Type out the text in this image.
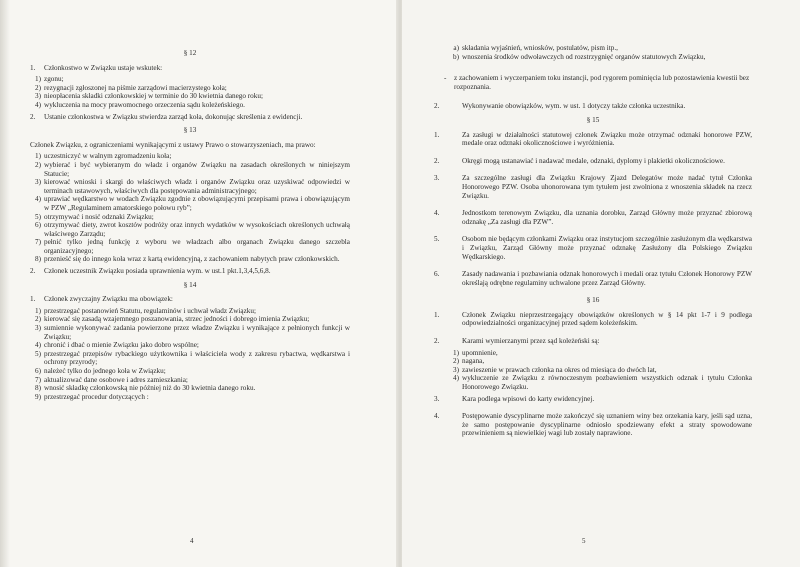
§ 12
1.	Członkostwo w Związku ustaje wskutek:
1) zgonu;
2) rezygnacji zgłoszonej na piśmie zarządowi macierzystego koła;
3) nieopłacenia składki członkowskiej w terminie do 30 kwietnia danego roku;
4) wykluczenia na mocy prawomocnego orzeczenia sądu koleżeńskiego.
2.	Ustanie członkostwa w Związku stwierdza zarząd koła, dokonując skreślenia z ewidencji.
§ 13
Członek Związku, z ograniczeniami wynikającymi z ustawy Prawo o stowarzyszeniach, ma prawo:
1) uczestniczyć w walnym zgromadzeniu koła;
2) wybierać i być wybieranym do władz i organów Związku na zasadach określonych w niniejszym Statucie;
3) kierować wnioski i skargi do właściwych władz i organów Związku oraz uzyskiwać odpowiedzi w terminach ustawowych, właściwych dla postępowania administracyjnego;
4) uprawiać wędkarstwo w wodach Związku zgodnie z obowiązującymi przepisami prawa i obowiązującym w PZW „Regulaminem amatorskiego połowu ryb”;
5) otrzymywać i nosić odznaki Związku;
6) otrzymywać diety, zwrot kosztów podróży oraz innych wydatków w wysokościach określonych uchwałą właściwego Zarządu;
7) pełnić tylko jedną funkcję z wyboru we władzach albo organach Związku danego szczebla organizacyjnego;
8) przenieść się do innego koła wraz z kartą ewidencyjną, z zachowaniem nabytych praw członkowskich.
2.	Członek uczestnik Związku posiada uprawnienia wym. w ust.1 pkt.1,3,4,5,6,8.
§ 14
1.	Członek zwyczajny Związku ma obowiązek:
1) przestrzegać postanowień Statutu, regulaminów i uchwał władz Związku;
2) kierować się zasadą wzajemnego poszanowania, strzec jedności i dobrego imienia Związku;
3) sumiennie wykonywać zadania powierzone przez władze Związku i wynikające z pełnionych funkcji w Związku;
4) chronić i dbać o mienie Związku jako dobro wspólne;
5) przestrzegać przepisów rybackiego użytkownika i właściciela wody z zakresu rybactwa, wędkarstwa i ochrony przyrody;
6) należeć tylko do jednego koła w Związku;
7) aktualizować dane osobowe i adres zamieszkania;
8) wnosić składkę członkowską nie później niż do 30 kwietnia danego roku.
9) przestrzegać procedur dotyczących :
4
a) składania wyjaśnień, wniosków, postulatów, pism itp.,
b) wnoszenia środków odwoławczych od rozstrzygnięć organów statutowych Związku,
-	z zachowaniem i wyczerpaniem toku instancji, pod rygorem pominięcia lub pozostawienia kwestii bez rozpoznania.
2.	Wykonywanie obowiązków, wym. w ust. 1 dotyczy także członka uczestnika.
§ 15
1.	Za zasługi w działalności statutowej członek Związku może otrzymać odznaki honorowe PZW, medale oraz odznaki okolicznościowe i wyróżnienia.
2.	Okręgi mogą ustanawiać i nadawać medale, odznaki, dyplomy i plakietki okolicznościowe.
3.	Za szczególne zasługi dla Związku Krajowy Zjazd Delegatów może nadać tytuł Członka Honorowego PZW. Osoba uhonorowana tym tytułem jest zwolniona z wnoszenia składek na rzecz Związku.
4.	Jednostkom terenowym Związku, dla uznania dorobku, Zarząd Główny może przyznać zbiorową odznakę „Za zasługi dla PZW”.
5.	Osobom nie będącym członkami Związku oraz instytucjom szczególnie zasłużonym dla wędkarstwa i Związku, Zarząd Główny może przyznać odznakę Zasłużony dla Polskiego Związku Wędkarskiego.
6.	Zasady nadawania i pozbawiania odznak honorowych i medali oraz tytułu Członek Honorowy PZW określają odrębne regulaminy uchwalone przez Zarząd Główny.
§ 16
1.	Członek Związku nieprzestrzegający obowiązków określonych w § 14 pkt 1-7 i 9 podlega odpowiedzialności organizacyjnej przed sądem koleżeńskim.
2.	Karami wymierzanymi przez sąd koleżeński są:
1) upomnienie,
2) nagana,
3) zawieszenie w prawach członka na okres od miesiąca do dwóch lat,
4) wykluczenie ze Związku z równoczesnym pozbawieniem wszystkich odznak i tytułu Członka Honorowego Związku.
3.	Kara podlega wpisowi do karty ewidencyjnej.
4.	Postępowanie dyscyplinarne może zakończyć się uznaniem winy bez orzekania kary, jeśli sąd uzna, że samo postępowanie dyscyplinarne odniosło spodziewany efekt a straty spowodowane przewinieniem są niewielkiej wagi lub zostały naprawione.
5
